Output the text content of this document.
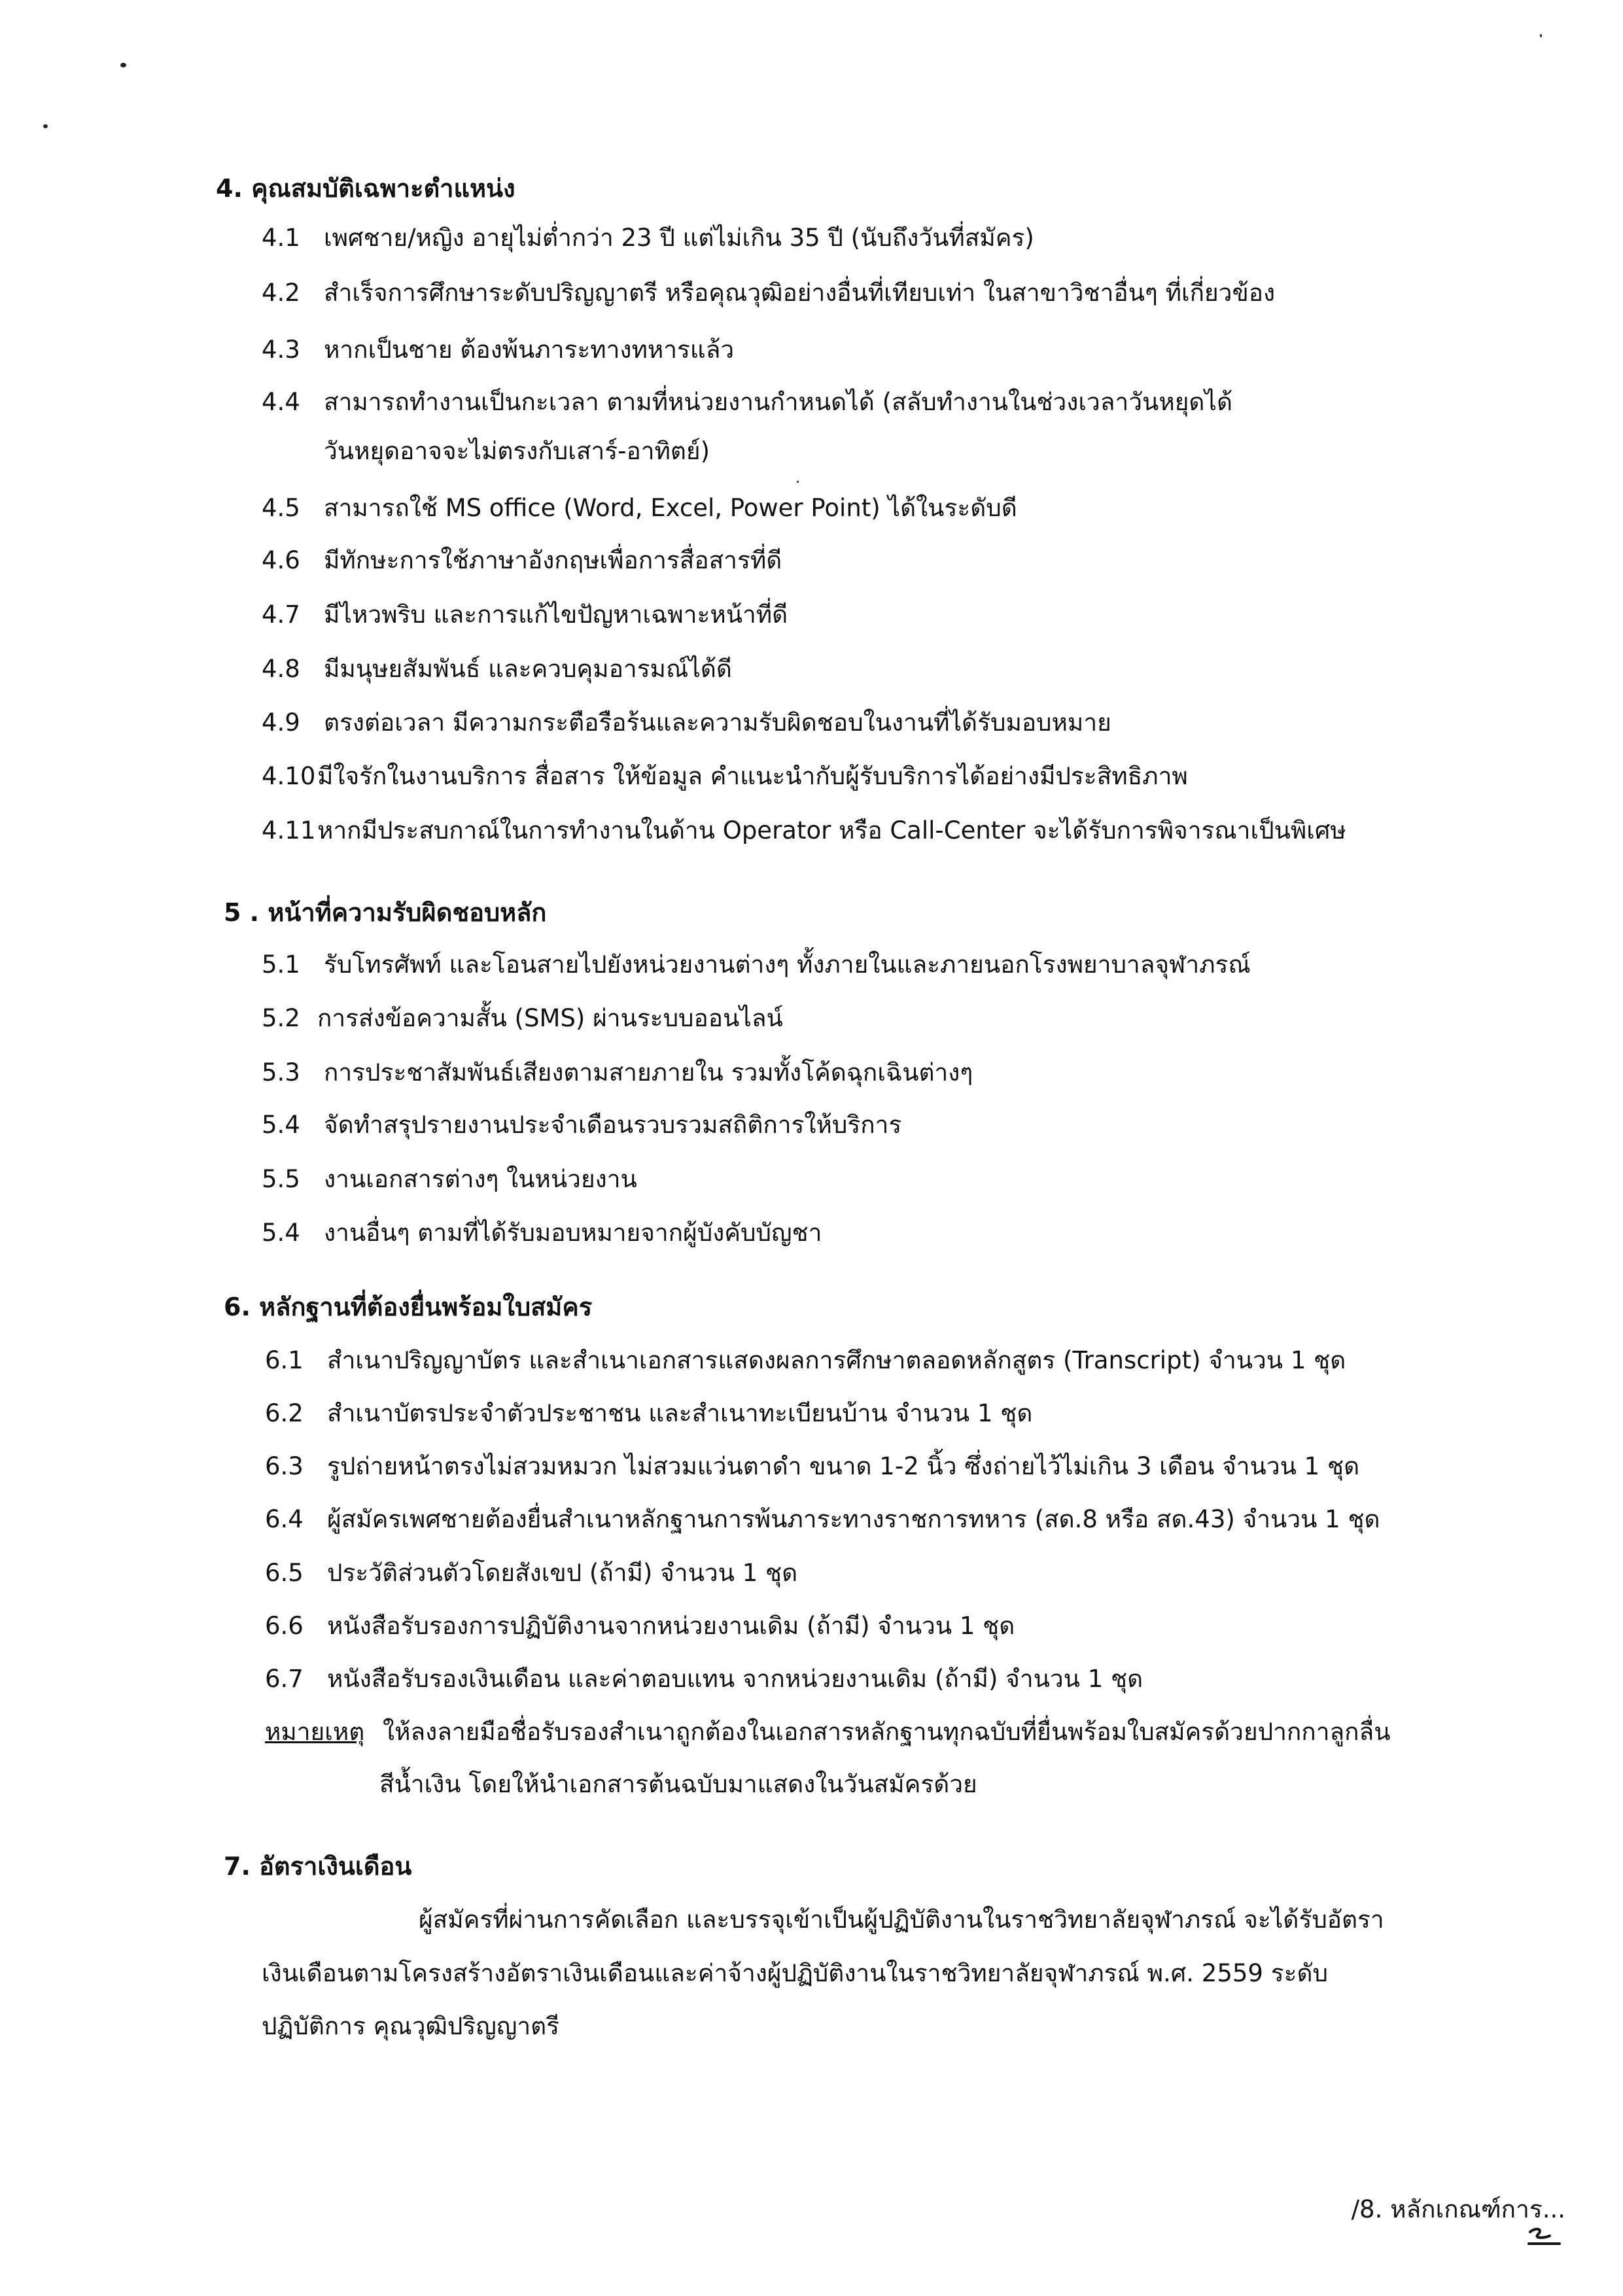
4. คุณสมบัติเฉพาะตำแหน่ง
4.1 เพศชาย/หญิง อายุไม่ต่ำกว่า 23 ปี แต่ไม่เกิน 35 ปี (นับถึงวันที่สมัคร)
4.2 สำเร็จการศึกษาระดับปริญญาตรี หรือคุณวุฒิอย่างอื่นที่เทียบเท่า ในสาขาวิชาอื่นๆ ที่เกี่ยวข้อง
4.3 หากเป็นชาย ต้องพ้นภาระทางทหารแล้ว
4.4 สามารถทำงานเป็นกะเวลา ตามที่หน่วยงานกำหนดได้ (สลับทำงานในช่วงเวลาวันหยุดได้
วันหยุดอาจจะไม่ตรงกับเสาร์-อาทิตย์)
4.5 สามารถใช้ MS office (Word, Excel, Power Point) ได้ในระดับดี
4.6 มีทักษะการใช้ภาษาอังกฤษเพื่อการสื่อสารที่ดี
4.7 มีไหวพริบ และการแก้ไขปัญหาเฉพาะหน้าที่ดี
4.8 มีมนุษยสัมพันธ์ และควบคุมอารมณ์ได้ดี
4.9 ตรงต่อเวลา มีความกระตือรือร้นและความรับผิดชอบในงานที่ได้รับมอบหมาย
4.10มีใจรักในงานบริการ สื่อสาร ให้ข้อมูล คำแนะนำกับผู้รับบริการได้อย่างมีประสิทธิภาพ
4.11หากมีประสบกาณ์ในการทำงานในด้าน Operator หรือ Call-Center จะได้รับการพิจารณาเป็นพิเศษ
5 . หน้าที่ความรับผิดชอบหลัก
5.1 รับโทรศัพท์ และโอนสายไปยังหน่วยงานต่างๆ ทั้งภายในและภายนอกโรงพยาบาลจุฬาภรณ์
5.2 การส่งข้อความสั้น (SMS) ผ่านระบบออนไลน์
5.3 การประชาสัมพันธ์เสียงตามสายภายใน รวมทั้งโค้ดฉุกเฉินต่างๆ
5.4 จัดทำสรุปรายงานประจำเดือนรวบรวมสถิติการให้บริการ
5.5 งานเอกสารต่างๆ ในหน่วยงาน
5.4 งานอื่นๆ ตามที่ได้รับมอบหมายจากผู้บังคับบัญชา
6. หลักฐานที่ต้องยื่นพร้อมใบสมัคร
6.1 สำเนาปริญญาบัตร และสำเนาเอกสารแสดงผลการศึกษาตลอดหลักสูตร (Transcript) จำนวน 1 ชุด
6.2 สำเนาบัตรประจำตัวประชาชน และสำเนาทะเบียนบ้าน จำนวน 1 ชุด
6.3 รูปถ่ายหน้าตรงไม่สวมหมวก ไม่สวมแว่นตาดำ ขนาด 1-2 นิ้ว ซึ่งถ่ายไว้ไม่เกิน 3 เดือน จำนวน 1 ชุด
6.4 ผู้สมัครเพศชายต้องยื่นสำเนาหลักฐานการพ้นภาระทางราชการทหาร (สด.8 หรือ สด.43) จำนวน 1 ชุด
6.5 ประวัติส่วนตัวโดยสังเขป (ถ้ามี) จำนวน 1 ชุด
6.6 หนังสือรับรองการปฏิบัติงานจากหน่วยงานเดิม (ถ้ามี) จำนวน 1 ชุด
6.7 หนังสือรับรองเงินเดือน และค่าตอบแทน จากหน่วยงานเดิม (ถ้ามี) จำนวน 1 ชุด
หมายเหตุ ให้ลงลายมือชื่อรับรองสำเนาถูกต้องในเอกสารหลักฐานทุกฉบับที่ยื่นพร้อมใบสมัครด้วยปากกาลูกลื่น
สีน้ำเงิน โดยให้นำเอกสารต้นฉบับมาแสดงในวันสมัครด้วย
7. อัตราเงินเดือน
ผู้สมัครที่ผ่านการคัดเลือก และบรรจุเข้าเป็นผู้ปฏิบัติงานในราชวิทยาลัยจุฬาภรณ์ จะได้รับอัตรา
เงินเดือนตามโครงสร้างอัตราเงินเดือนและค่าจ้างผู้ปฏิบัติงานในราชวิทยาลัยจุฬาภรณ์ พ.ศ. 2559 ระดับ
ปฏิบัติการ คุณวุฒิปริญญาตรี
/8. หลักเกณฑ์การ...
